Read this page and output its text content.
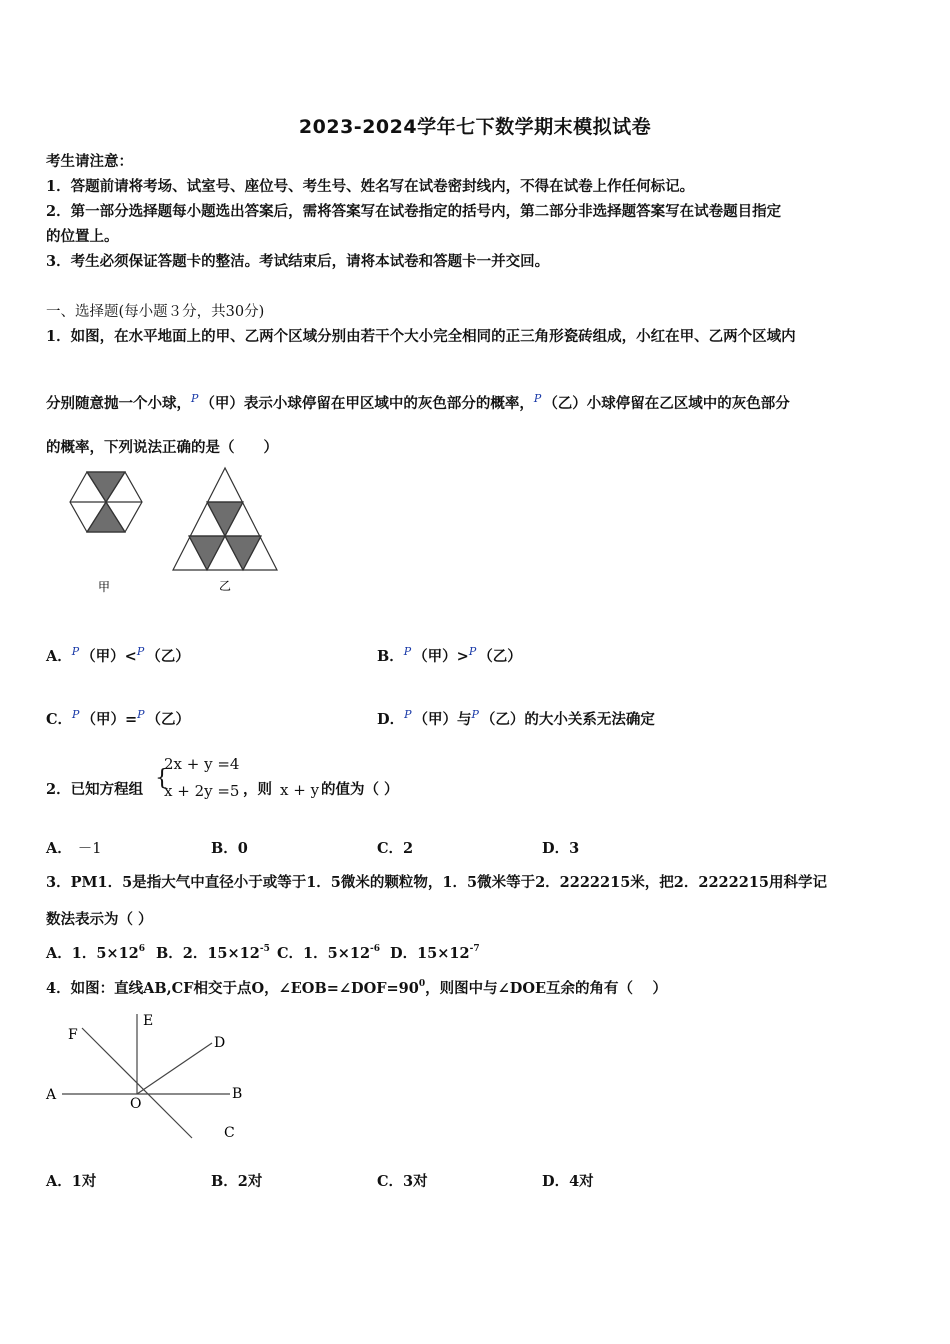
2023-2024学年七下数学期末模拟试卷
考生请注意：
1．答题前请将考场、试室号、座位号、考生号、姓名写在试卷密封线内，不得在试卷上作任何标记。
2．第一部分选择题每小题选出答案后，需将答案写在试卷指定的括号内，第二部分非选择题答案写在试卷题目指定
的位置上。
3．考生必须保证答题卡的整洁。考试结束后，请将本试卷和答题卡一并交回。
一、选择题(每小题３分，共30分)
1．如图，在水平地面上的甲、乙两个区域分别由若干个大小完全相同的正三角形瓷砖组成，小红在甲、乙两个区域内
分别随意抛一个小球，$^P$ （甲）表示小球停留在甲区域中的灰色部分的概率，$^P$ （乙）小球停留在乙区域中的灰色部分
的概率，下列说法正确的是（　　）
甲	乙
A．$^P$ （甲）<$^P$ （乙）	B．$^P$ （甲）>$^P$ （乙）
C．$^P$ （甲）=$^P$ （乙）	D．$^P$ （甲）与$^P$ （乙）的大小关系无法确定
2．已知方程组 {
2x + y =4
x + 2y =5 ，则 x + y 的值为（ ）
A． －1	B．0	C．2	D．3
3．PM1．5是指大气中直径小于或等于1．5微米的颗粒物，1．5微米等于2．2222215米，把2．2222215用科学记
数法表示为（ ）
A．1．$5\times 12^6$ B．2．$15\times 12^{-5}$ C．1．$5\times 12^{-6}$ D．$15\times 12^{-7}$
4．如图：直线AB,CF相交于点O，$\angle EOB=\angle DOF=90^0$，则图中与∠DOE互余的角有（　 ）
A	B
C
D
E
F
O
A．1对	B．2对	C．3对	D．4对
